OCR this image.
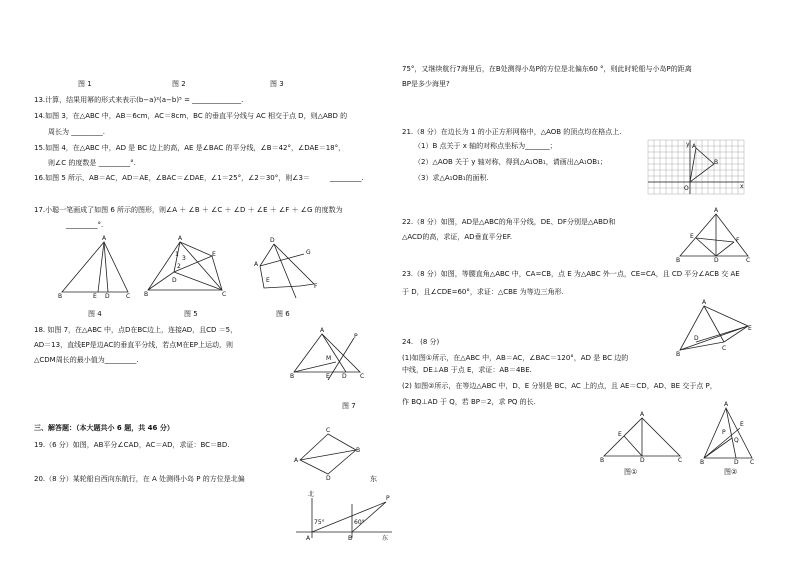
图 1	图 2	图 3
13.计算，结果用幂的形式来表示(b−a)²(a−b)⁵ = ______________.
14.如图 3，在△ABC 中，AB＝6cm，AC＝8cm，BC 的垂直平分线与 AC 相交于点 D，则△ABD 的
周长为 _________.
15.如图 4，在△ABC 中，AD 是 BC 边上的高，AE 是∠BAC 的平分线，∠B＝42°，∠DAE＝18°，
则∠C 的度数是 _________°.
16.如图 5 所示，AB＝AC，AD＝AE，∠BAC＝∠DAE，∠1＝25°，∠2＝30°，则∠3＝	_________.
17.小聪一笔画成了如图 6 所示的图形，则∠A ＋ ∠B ＋ ∠C ＋ ∠D ＋ ∠E ＋ ∠F ＋ ∠G 的度数为
_________°.
A
B	E D	C
图 4
A
B	C
E
D
1
3
2
图 5
D
A
G
E
F
图 6
18. 如图 7，在△ABC 中，点D在BC边上，连接AD，且CD ＝5，
AD＝13，直线EP是边AC的垂直平分线，若点M在EP上运动，则
△CDM周长的最小值为_________.
A
B	C
D
M
P
E
图 7
三、解答题：（本大题共小 6 题，共 46 分）
19.（6 分）如图，AB平分∠CAD，AC＝AD，求证：BC＝BD.
C
A
D
B
20.（8 分）某轮船自西向东航行，在 A 处测得小岛 P 的方位是北偏	东
北
东
75°	60°
A	B
P
75°，又继续航行7海里后，在B处测得小岛P的方位是北偏东60 °，则此时轮船与小岛P的距离
BP是多少海里?
21.（8 分）在边长为 1 的小正方形网格中，△AOB 的顶点均在格点上.
（1）B 点关于 x 轴的对称点坐标为_______；
（2）△AOB 关于 y 轴对称，得到△A₁OB₁，请画出△A₁OB₁；
（3）求△A₁OB₁的面积.
A
B
O
y
x
22.（8 分）如图，AD是△ABC的角平分线，DE、DF分别是△ABD和
△ACD的高，求证，AD垂直平分EF.
A
B	C
D
E
F
23.（8 分）如图，等腰直角△ABC 中，CA=CB，点 E 为△ABC 外一点，CE=CA，且 CD 平分∠ACB 交 AE
于 D，且∠CDE=60°，求证：△CBE 为等边三角形.
A
B
E
C
D
24.　(8 分)
(1)如图①所示，在△ABC 中，AB＝AC，∠BAC＝120°，AD 是 BC 边的
中线，DE⊥AB 于点 E，求证：AB＝4BE.
(2) 如图②所示，在等边△ABC 中，D、E 分别是 BC、AC 上的点，且 AE＝CD，AD、BE 交于点 P，
作 BQ⊥AD 于 Q，若 BP＝2，求 PQ 的长.
A
B	C
D
E
图①
A
B	C
D
E
P
Q
图②
